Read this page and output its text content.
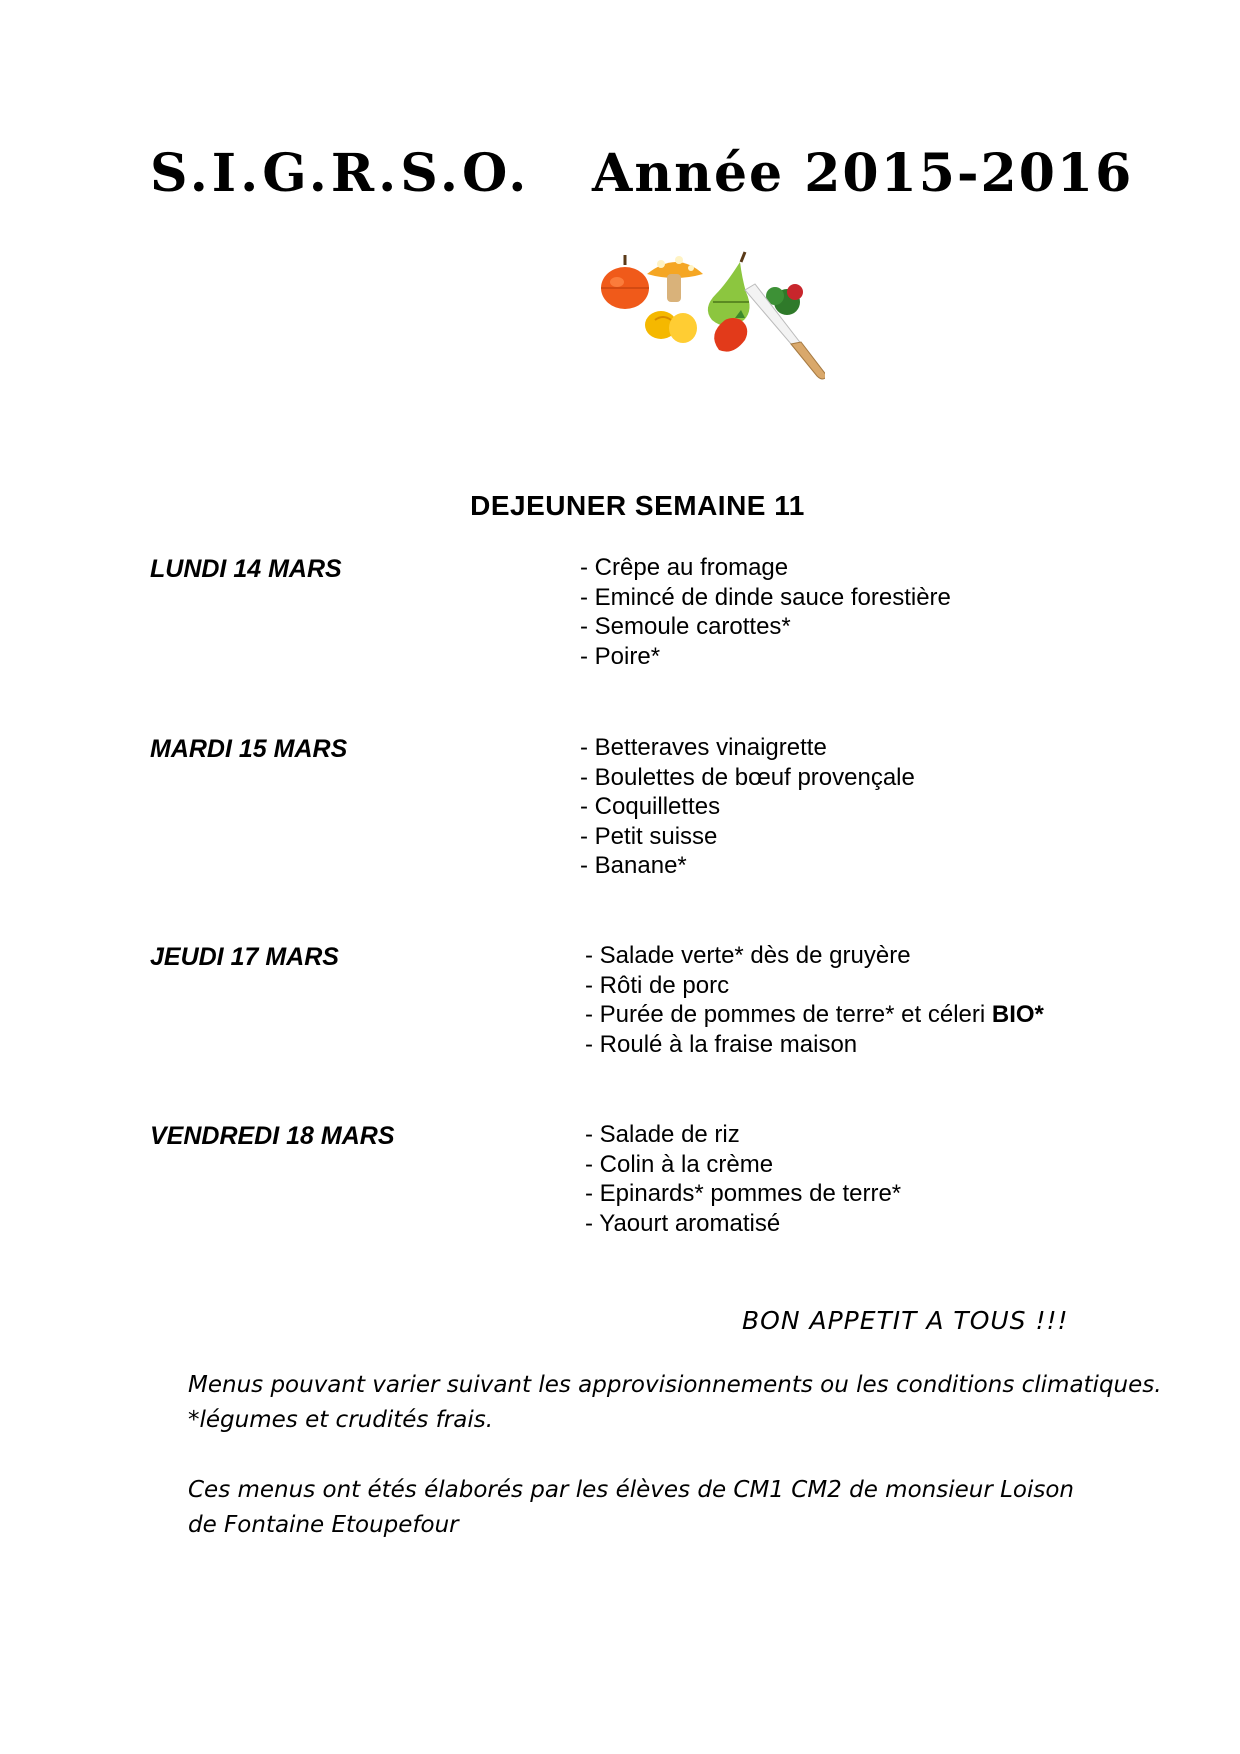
S.I.G.R.S.O. Année 2015-2016
DEJEUNER SEMAINE 11
LUNDI 14 MARS	- Crêpe au fromage
- Emincé de dinde sauce forestière
- Semoule carottes*
- Poire*
MARDI 15 MARS	- Betteraves vinaigrette
- Boulettes de bœuf provençale
- Coquillettes
- Petit suisse
- Banane*
JEUDI 17 MARS	- Salade verte* dès de gruyère
- Rôti de porc
- Purée de pommes de terre* et céleri BIO*
- Roulé à la fraise maison
VENDREDI 18 MARS	- Salade de riz
- Colin à la crème
- Epinards* pommes de terre*
- Yaourt aromatisé
BON APPETIT A TOUS !!!
Menus pouvant varier suivant les approvisionnements ou les conditions climatiques.
*légumes et crudités frais.
Ces menus ont étés élaborés par les élèves de CM1 CM2 de monsieur Loison
de Fontaine Etoupefour
